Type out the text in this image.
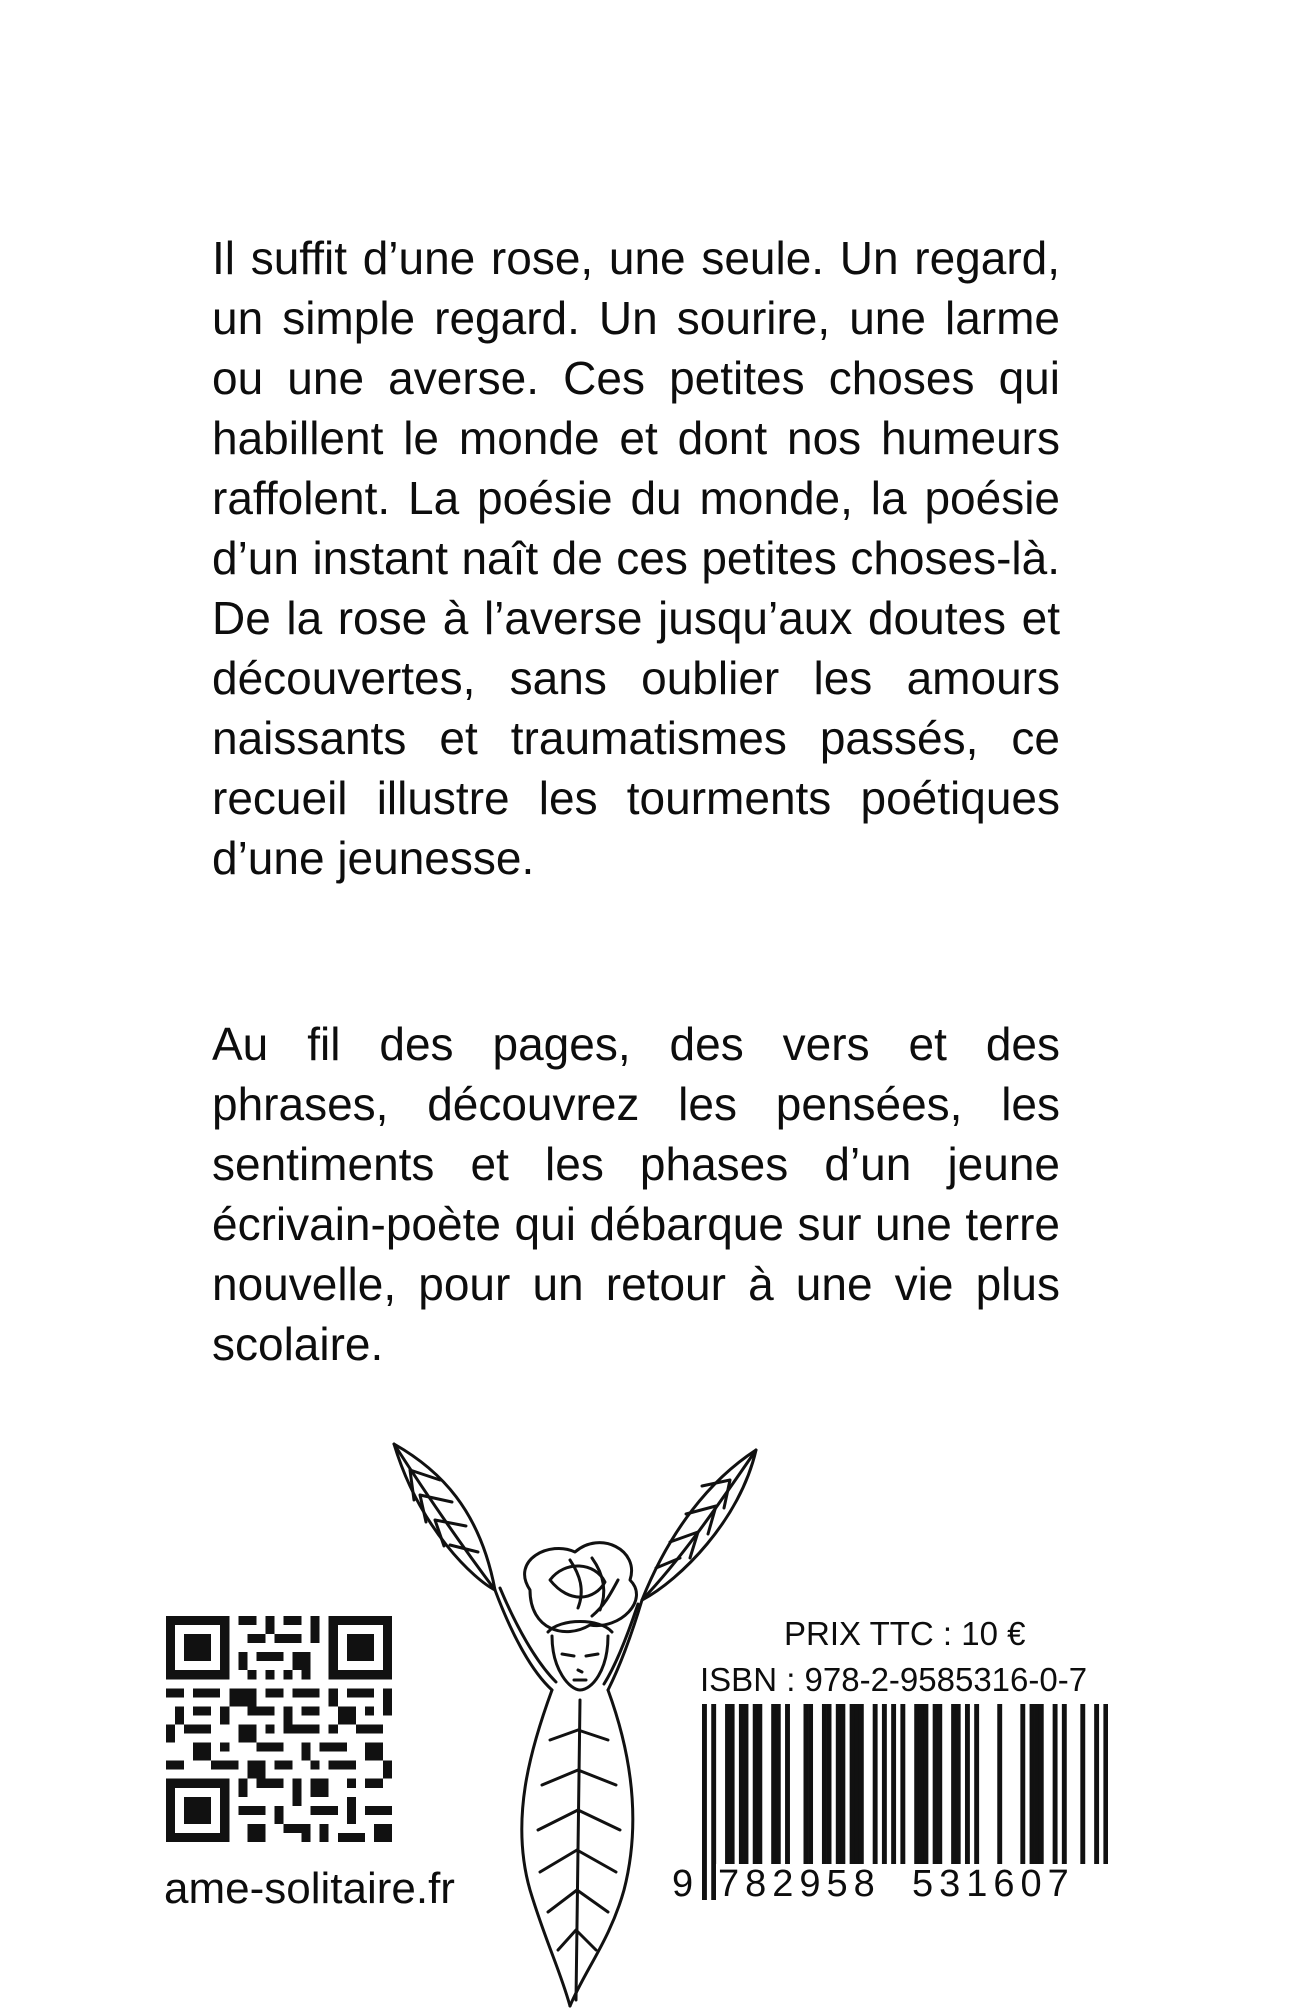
Il suffit d’une rose, une seule. Un regard, un simple regard. Un sourire, une larme ou une averse. Ces petites choses qui habillent le monde et dont nos humeurs raffolent. La poésie du monde, la poésie d’un instant naît de ces petites choses-là. De la rose à l’averse jusqu’aux doutes et découvertes, sans oublier les amours naissants et traumatismes passés, ce recueil illustre les tourments poétiques d’une jeunesse.

Au fil des pages, des vers et des phrases, découvrez les pensées, les sentiments et les phases d’un jeune écrivain-poète qui débarque sur une terre nouvelle, pour un retour à une vie plus scolaire.

ame-solitaire.fr
PRIX TTC : 10 €
ISBN : 978-2-9585316-0-7
9 782958 531607
